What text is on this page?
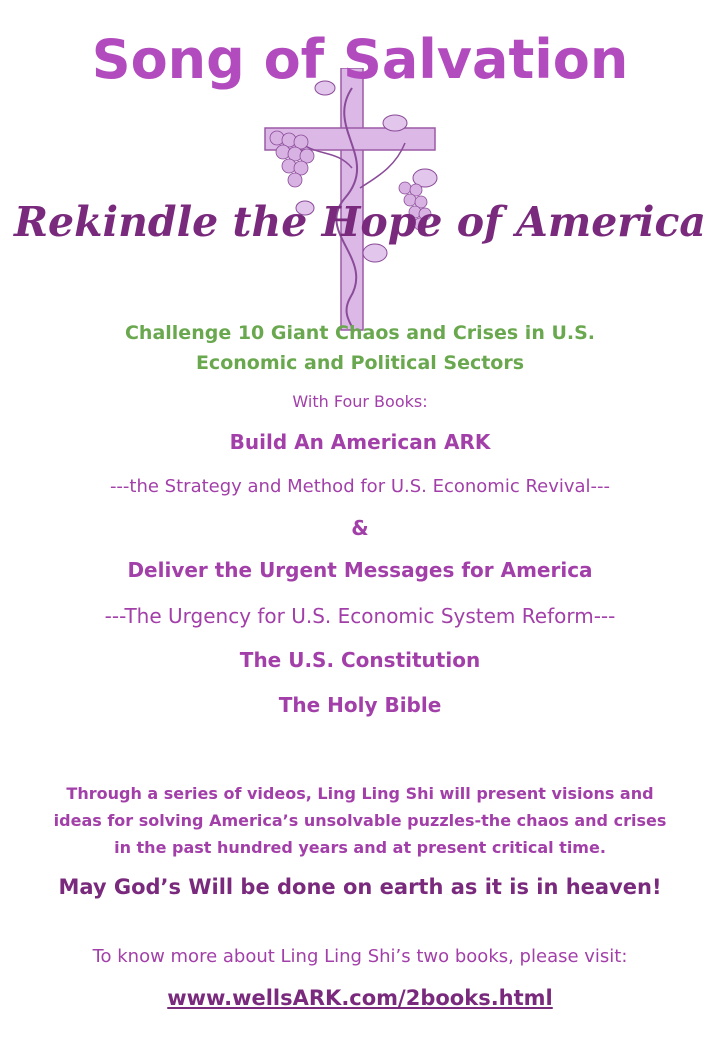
Song of Salvation
Rekindle the Hope of America
Challenge 10 Giant Chaos and Crises in U.S.
Economic and Political Sectors
With Four Books:
Build An American ARK
---the Strategy and Method for U.S. Economic Revival---
&
Deliver the Urgent Messages for America
---The Urgency for U.S. Economic System Reform---
The U.S. Constitution
The Holy Bible
Through a series of videos, Ling Ling Shi will present visions and
ideas for solving America’s unsolvable puzzles-the chaos and crises
in the past hundred years and at present critical time.
May God’s Will be done on earth as it is in heaven!
To know more about Ling Ling Shi’s two books, please visit:
www.wellsARK.com/2books.html
